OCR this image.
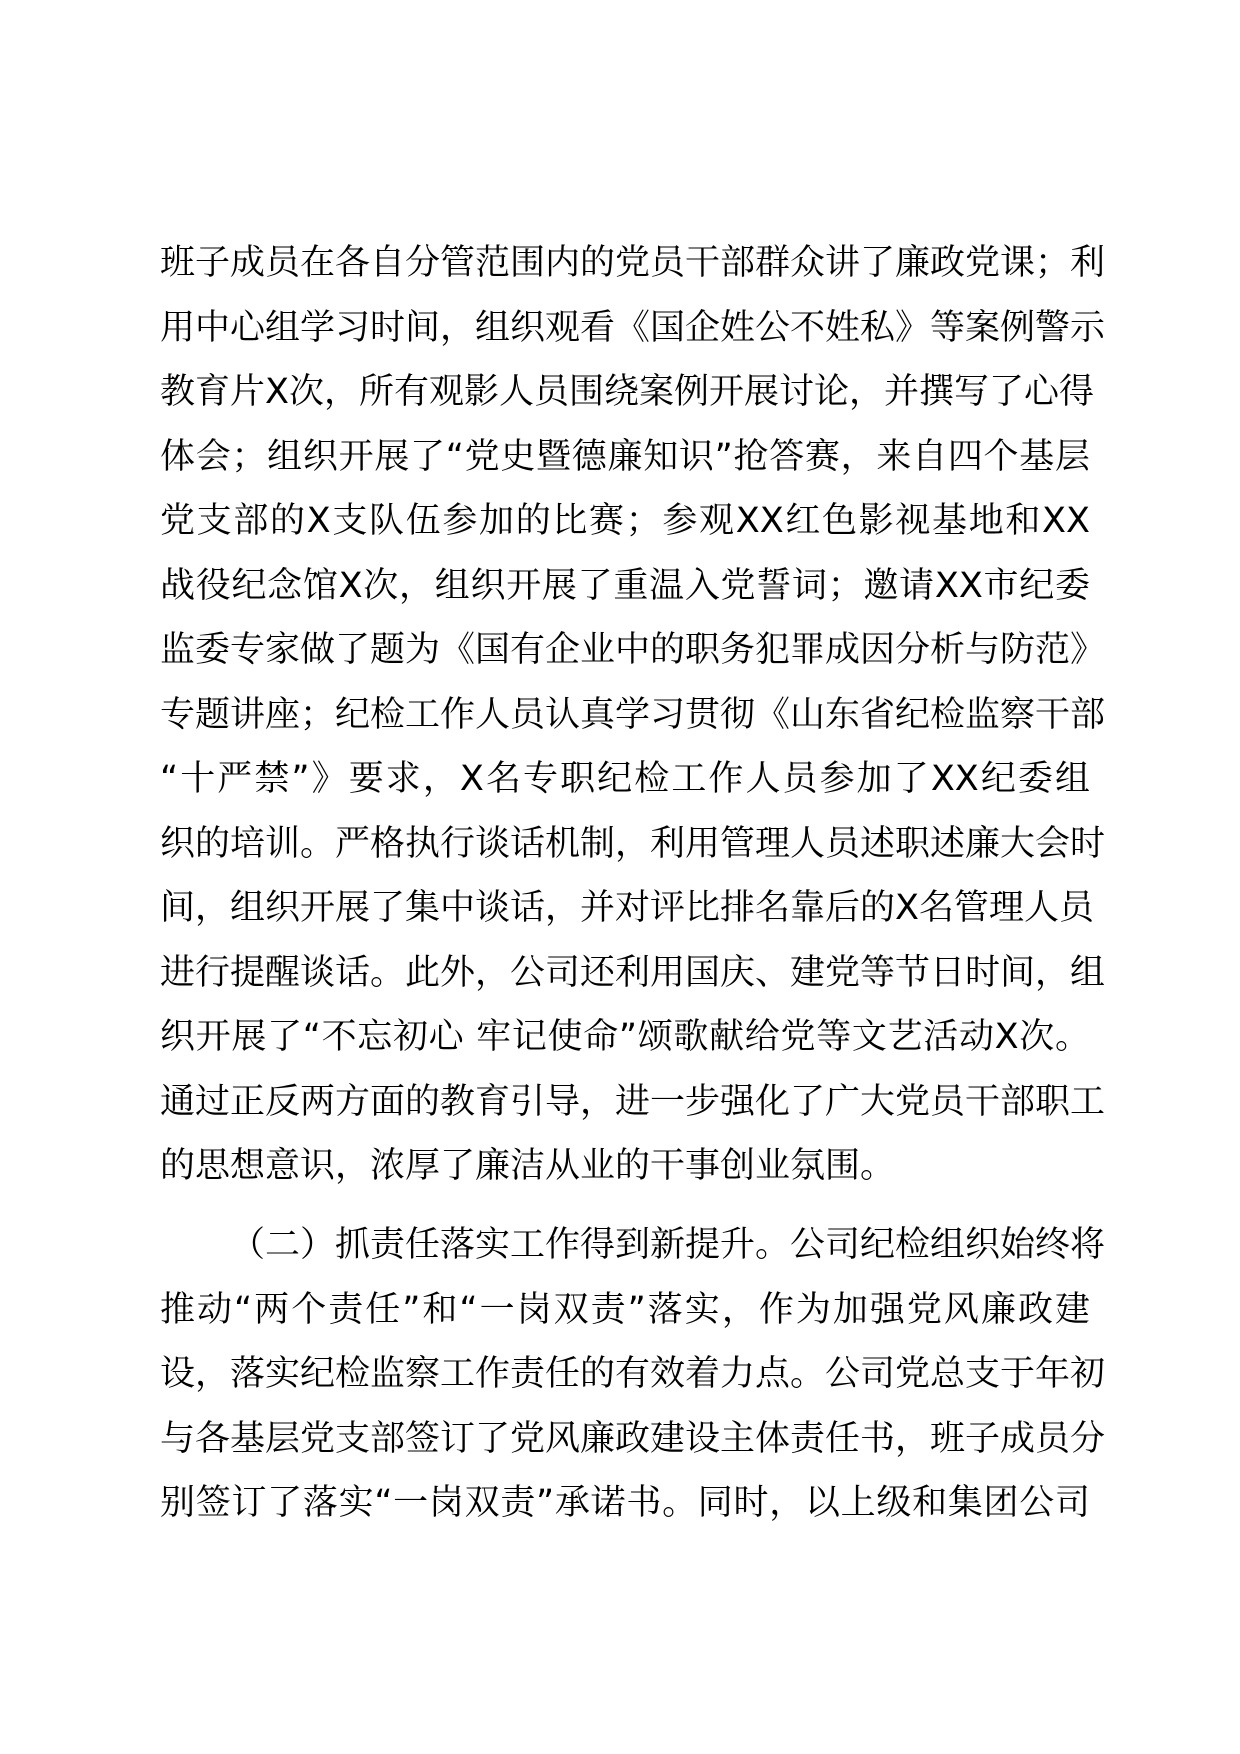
班子成员在各自分管范围内的党员干部群众讲了廉政党课；利
用中心组学习时间，组织观看《国企姓公不姓私》等案例警示
教育片X次，所有观影人员围绕案例开展讨论，并撰写了心得
体会；组织开展了“党史暨德廉知识”抢答赛，来自四个基层
党支部的X支队伍参加的比赛；参观XX红色影视基地和XX
战役纪念馆X次，组织开展了重温入党誓词；邀请XX市纪委
监委专家做了题为《国有企业中的职务犯罪成因分析与防范》
专题讲座；纪检工作人员认真学习贯彻《山东省纪检监察干部
“十严禁”》要求，X名专职纪检工作人员参加了XX纪委组
织的培训。严格执行谈话机制，利用管理人员述职述廉大会时
间，组织开展了集中谈话，并对评比排名靠后的X名管理人员
进行提醒谈话。此外，公司还利用国庆、建党等节日时间，组
织开展了“不忘初心 牢记使命”颂歌献给党等文艺活动X次。
通过正反两方面的教育引导，进一步强化了广大党员干部职工
的思想意识，浓厚了廉洁从业的干事创业氛围。
（二）抓责任落实工作得到新提升。公司纪检组织始终将
推动“两个责任”和“一岗双责”落实，作为加强党风廉政建
设，落实纪检监察工作责任的有效着力点。公司党总支于年初
与各基层党支部签订了党风廉政建设主体责任书，班子成员分
别签订了落实“一岗双责”承诺书。同时，以上级和集团公司
